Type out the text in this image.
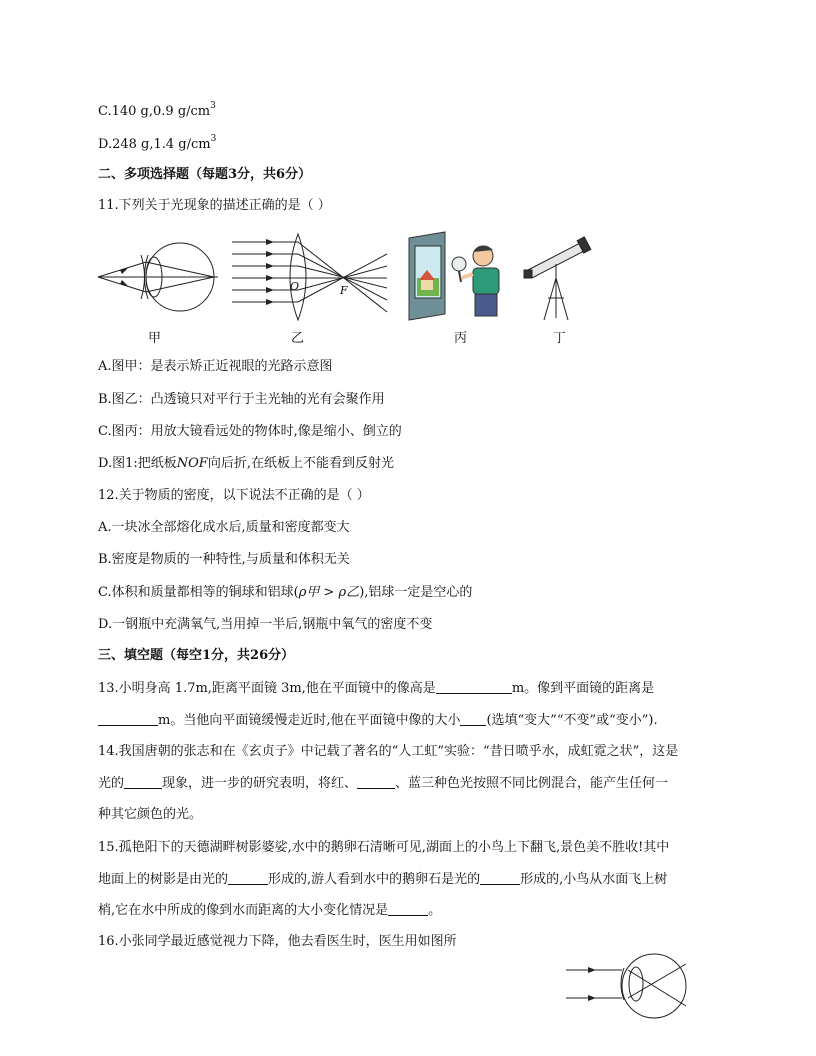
C.140 g,0.9 $g/cm^3$
D.248 g,1.4 $g/cm^3$
二、多项选择题（每题3分，共6分）
11.下列关于光现象的描述正确的是（ ）
O	F
甲	乙	丙	丁
A.图甲：是表示矫正近视眼的光路示意图
B.图乙：凸透镜只对平行于主光轴的光有会聚作用
C.图丙：用放大镜看远处的物体时,像是缩小、倒立的
D.图1:把纸板NOF向后折,在纸板上不能看到反射光
12.关于物质的密度，以下说法不正确的是（ ）
A.一块冰全部熔化成水后,质量和密度都变大
B.密度是物质的一种特性,与质量和体积无关
C.体积和质量都相等的铜球和铝球(ρ甲 > ρ乙),铝球一定是空心的
D.一钢瓶中充满氧气,当用掉一半后,钢瓶中氧气的密度不变
三、填空题（每空1分，共26分）
13.小明身高 1.7m,距离平面镜 3m,他在平面镜中的像高是	m。像到平面镜的距离是
m。当他向平面镜缓慢走近时,他在平面镜中像的大小 (选填“变大”“不变”或“变小”).
14.我国唐朝的张志和在《玄贞子》中记载了著名的“人工虹”实验：“昔日喷乎水，成虹霓之状”，这是
光的	现象，进一步的研究表明，将红、	、蓝三种色光按照不同比例混合，能产生任何一
种其它颜色的光。
15.孤艳阳下的天德湖畔树影婆娑,水中的鹅卵石清晰可见,湖面上的小鸟上下翻飞,景色美不胜收!其中
地面上的树影是由光的	形成的,游人看到水中的鹅卵石是光的	形成的,小鸟从水面飞上树
梢,它在水中所成的像到水而距离的大小变化情况是	。
16.小张同学最近感觉视力下降，他去看医生时，医生用如图所
